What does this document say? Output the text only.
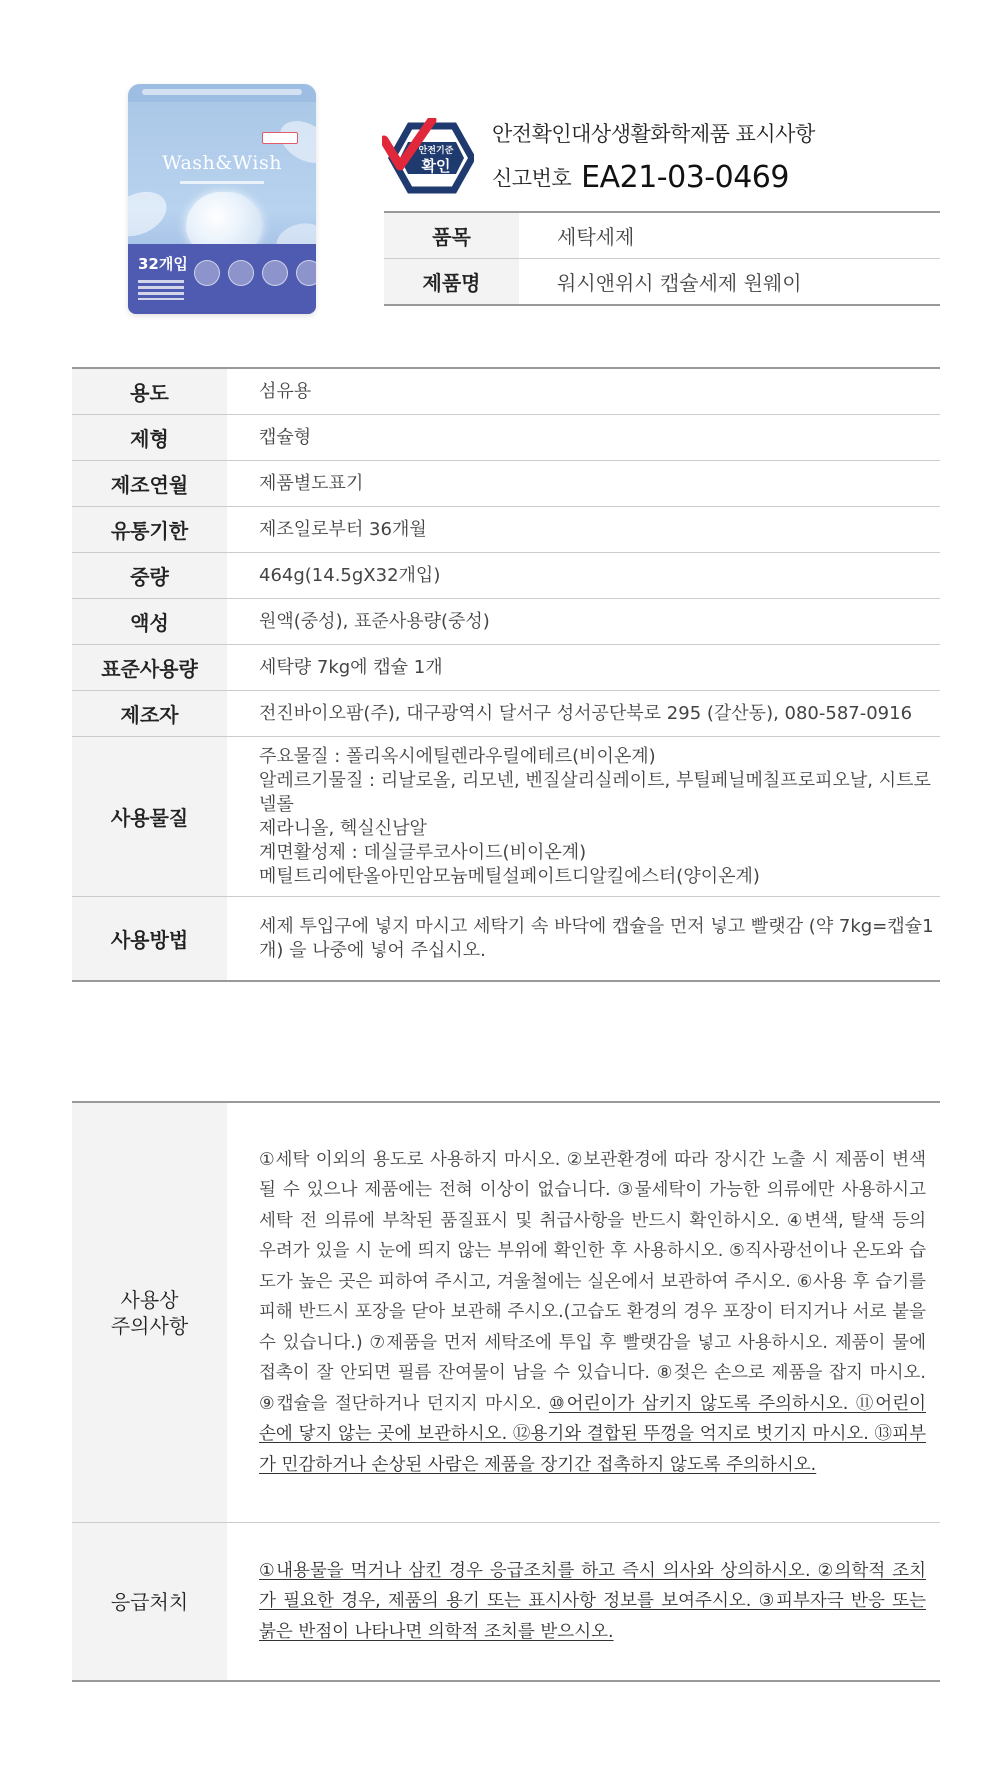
Wash&Wish
32개입
안전기준
확인
안전확인대상생활화학제품 표시사항
신고번호 EA21-03-0469
품목	세탁세제
제품명	워시앤위시 캡슐세제 원웨이
용도	섬유용
제형	캡슐형
제조연월	제품별도표기
유통기한	제조일로부터 36개월
중량	464g(14.5gX32개입)
액성	원액(중성), 표준사용량(중성)
표준사용량	세탁량 7kg에 캡슐 1개
제조자	전진바이오팜(주), 대구광역시 달서구 성서공단북로 295 (갈산동), 080-587-0916
사용물질	주요물질 : 폴리옥시에틸렌라우릴에테르(비이온계)
알레르기물질 : 리날로올, 리모넨, 벤질살리실레이트, 부틸페닐메칠프로피오날, 시트로넬롤
제라니올, 헥실신남알
계면활성제 : 데실글루코사이드(비이온계)
메틸트리에탄올아민암모늄메틸설페이트디알킬에스터(양이온계)

사용방법	세제 투입구에 넣지 마시고 세탁기 속 바닥에 캡슐을 먼저 넣고 빨랫감 (약 7kg=캡슐1개) 을 나중에 넣어 주십시오.
사용상
주의사항	①세탁 이외의 용도로 사용하지 마시오. ②보관환경에 따라 장시간 노출 시 제품이 변색될 수 있으나 제품에는 전혀 이상이 없습니다. ③물세탁이 가능한 의류에만 사용하시고 세탁 전 의류에 부착된 품질표시 및 취급사항을 반드시 확인하시오. ④변색, 탈색 등의 우려가 있을 시 눈에 띄지 않는 부위에 확인한 후 사용하시오. ⑤직사광선이나 온도와 습도가 높은 곳은 피하여 주시고, 겨울철에는 실온에서 보관하여 주시오. ⑥사용 후 습기를 피해 반드시 포장을 닫아 보관해 주시오.(고습도 환경의 경우 포장이 터지거나 서로 붙을 수 있습니다.) ⑦제품을 먼저 세탁조에 투입 후 빨랫감을 넣고 사용하시오. 제품이 물에 접촉이 잘 안되면 필름 잔여물이 남을 수 있습니다. ⑧젖은 손으로 제품을 잡지 마시오. ⑨캡슐을 절단하거나 던지지 마시오. ⑩어린이가 삼키지 않도록 주의하시오. ⑪어린이 손에 닿지 않는 곳에 보관하시오. ⑫용기와 결합된 뚜껑을 억지로 벗기지 마시오. ⑬피부가 민감하거나 손상된 사람은 제품을 장기간 접촉하지 않도록 주의하시오.
응급처치	①내용물을 먹거나 삼킨 경우 응급조치를 하고 즉시 의사와 상의하시오. ②의학적 조치가 필요한 경우, 제품의 용기 또는 표시사항 정보를 보여주시오. ③피부자극 반응 또는 붉은 반점이 나타나면 의학적 조치를 받으시오.
